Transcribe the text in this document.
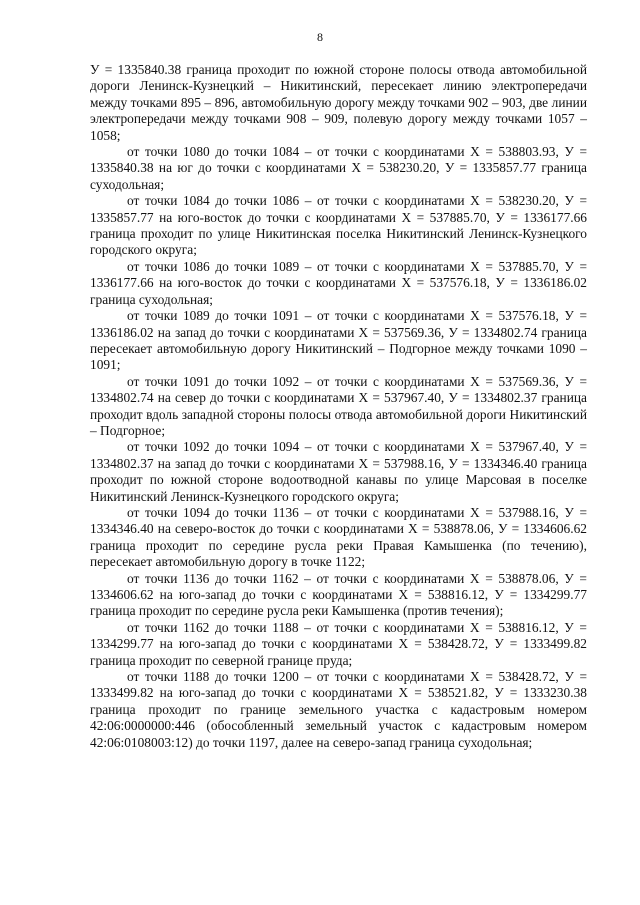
8

У = 1335840.38 граница проходит по южной стороне полосы отвода автомобильной дороги Ленинск-Кузнецкий – Никитинский, пересекает линию электропередачи между точками 895 – 896, автомобильную дорогу между точками 902 – 903, две линии электропередачи между точками 908 – 909, полевую дорогу между точками 1057 – 1058;

от точки 1080 до точки 1084 – от точки с координатами Х = 538803.93, У = 1335840.38 на юг до точки с координатами Х = 538230.20, У = 1335857.77 граница суходольная;

от точки 1084 до точки 1086 – от точки с координатами Х = 538230.20, У = 1335857.77 на юго-восток до точки с координатами Х = 537885.70, У = 1336177.66 граница проходит по улице Никитинская поселка Никитинский Ленинск-Кузнецкого городского округа;

от точки 1086 до точки 1089 – от точки с координатами Х = 537885.70, У = 1336177.66 на юго-восток до точки с координатами Х = 537576.18, У = 1336186.02 граница суходольная;

от точки 1089 до точки 1091 – от точки с координатами Х = 537576.18, У = 1336186.02 на запад до точки с координатами Х = 537569.36, У = 1334802.74 граница пересекает автомобильную дорогу Никитинский – Подгорное между точками 1090 – 1091;

от точки 1091 до точки 1092 – от точки с координатами Х = 537569.36, У = 1334802.74 на север до точки с координатами Х = 537967.40, У = 1334802.37 граница проходит вдоль западной стороны полосы отвода автомобильной дороги Никитинский – Подгорное;

от точки 1092 до точки 1094 – от точки с координатами Х = 537967.40, У = 1334802.37 на запад до точки с координатами Х = 537988.16, У = 1334346.40 граница проходит по южной стороне водоотводной канавы по улице Марсовая в поселке Никитинский Ленинск-Кузнецкого городского округа;

от точки 1094 до точки 1136 – от точки с координатами Х = 537988.16, У = 1334346.40 на северо-восток до точки с координатами Х = 538878.06, У = 1334606.62 граница проходит по середине русла реки Правая Камышенка (по течению), пересекает автомобильную дорогу в точке 1122;

от точки 1136 до точки 1162 – от точки с координатами Х = 538878.06, У = 1334606.62 на юго-запад до точки с координатами Х = 538816.12, У = 1334299.77 граница проходит по середине русла реки Камышенка (против течения);

от точки 1162 до точки 1188 – от точки с координатами Х = 538816.12, У = 1334299.77 на юго-запад до точки с координатами Х = 538428.72, У = 1333499.82 граница проходит по северной границе пруда;

от точки 1188 до точки 1200 – от точки с координатами Х = 538428.72, У = 1333499.82 на юго-запад до точки с координатами Х = 538521.82, У = 1333230.38 граница проходит по границе земельного участка с кадастровым номером 42:06:0000000:446 (обособленный земельный участок с кадастровым номером 42:06:0108003:12) до точки 1197, далее на северо-запад граница суходольная;
